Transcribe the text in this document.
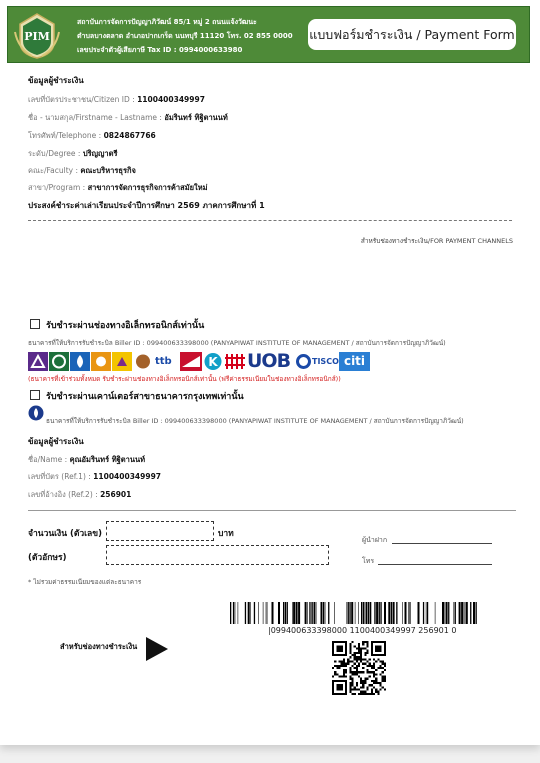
PIM
สถาบันการจัดการปัญญาภิวัฒน์ 85/1 หมู่ 2 ถนนแจ้งวัฒนะ
ตำบลบางตลาด อำเภอปากเกร็ด นนทบุรี 11120 โทร. 02 855 0000
เลขประจำตัวผู้เสียภาษี Tax ID : 0994000633980
แบบฟอร์มชำระเงิน / Payment Form
ข้อมูลผู้ชำระเงิน
เลขที่บัตรประชาชน/Citizen ID : 1100400349997
ชื่อ - นามสกุล/Firstname - Lastname : อัมรินทร์ ทิฐิตานนท์
โทรศัพท์/Telephone : 0824867766
ระดับ/Degree : ปริญญาตรี
คณะ/Faculty : คณะบริหารธุรกิจ
สาขา/Program : สาขาการจัดการธุรกิจการค้าสมัยใหม่
ประสงค์ชำระค่าเล่าเรียนประจำปีการศึกษา 2569 ภาคการศึกษาที่ 1
สำหรับช่องทางชำระเงิน/FOR PAYMENT CHANNELS
รับชำระผ่านช่องทางอิเล็กทรอนิกส์เท่านั้น
ธนาคารที่ให้บริการรับชำระบิล Biller ID : 099400633398000 (PANYAPIWAT INSTITUTE OF MANAGEMENT / สถาบันการจัดการปัญญาภิวัฒน์)
ttb	K UOB	TISCO citi
(ธนาคารที่เข้าร่วมทั้งหมด รับชำระผ่านช่องทางอิเล็กทรอนิกส์เท่านั้น (ฟรีค่าธรรมเนียมในช่องทางอิเล็กทรอนิกส์))
รับชำระผ่านเคาน์เตอร์สาขาธนาคารกรุงเทพเท่านั้น
ธนาคารที่ให้บริการรับชำระบิล Biller ID : 099400633398000 (PANYAPIWAT INSTITUTE OF MANAGEMENT / สถาบันการจัดการปัญญาภิวัฒน์)
ข้อมูลผู้ชำระเงิน
ชื่อ/Name : คุณอัมรินทร์ ทิฐิตานนท์
เลขที่บัตร (Ref.1) : 1100400349997
เลขที่อ้างอิง (Ref.2) : 256901
จำนวนเงิน (ตัวเลข)	บาท
(ตัวอักษร)
ผู้นำฝาก
โทร
* ไม่รวมค่าธรรมเนียมของแต่ละธนาคาร
|099400633398000 1100400349997 256901 0
สำหรับช่องทางชำระเงิน
